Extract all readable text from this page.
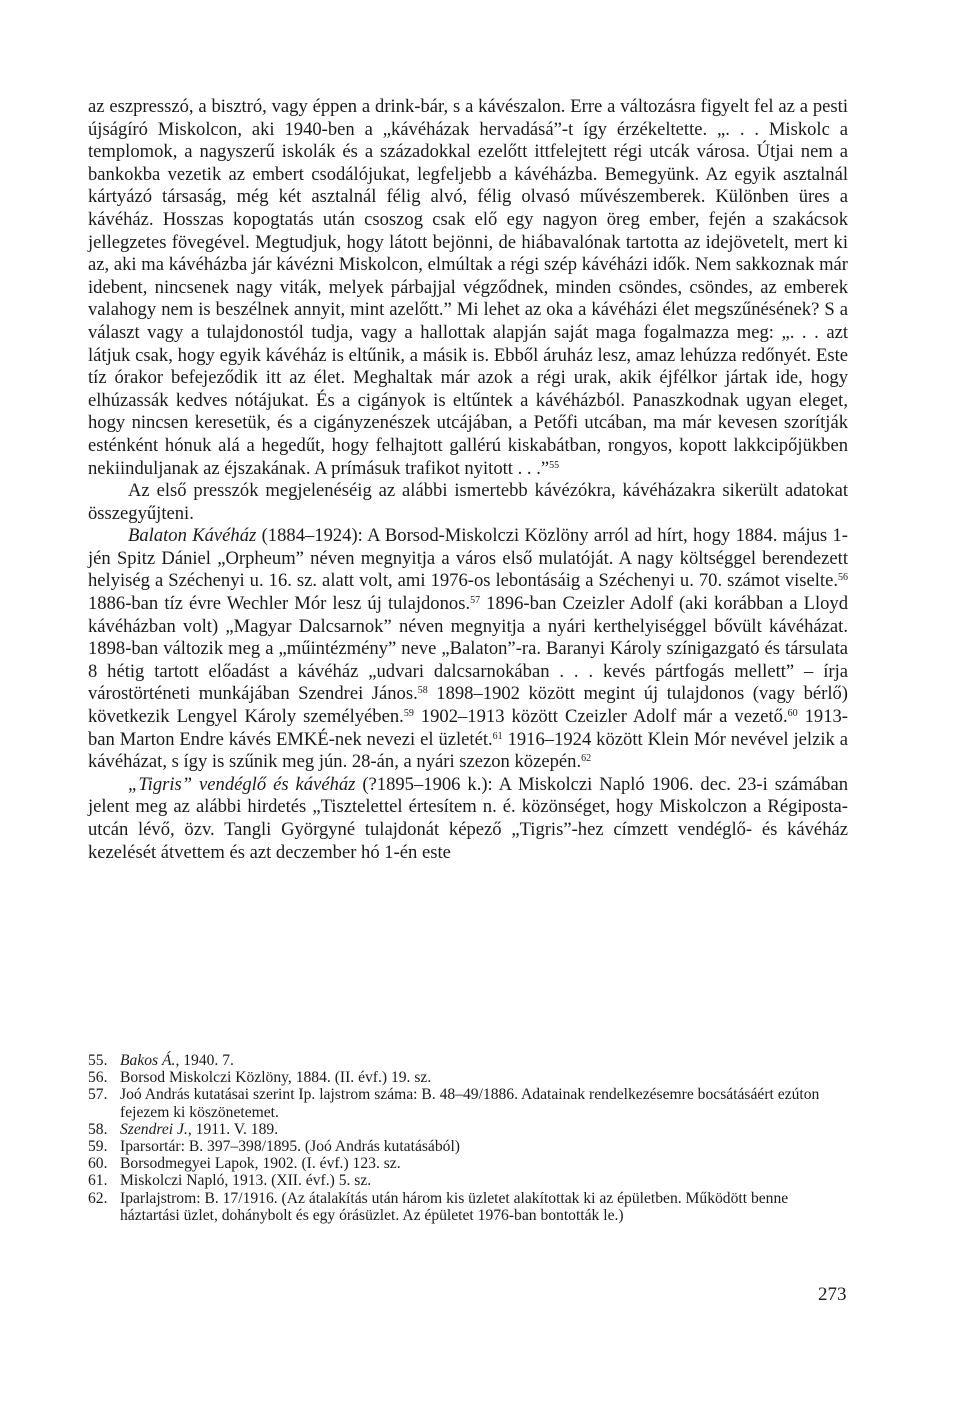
az eszpresszó, a bisztró, vagy éppen a drink-bár, s a kávészalon. Erre a változásra figyelt fel az a pesti újságíró Miskolcon, aki 1940-ben a „kávéházak hervadásá”-t így érzékeltette. „. . . Miskolc a templomok, a nagyszerű iskolák és a századokkal ezelőtt ittfelejtett régi utcák városa. Útjai nem a bankokba vezetik az embert csodálójukat, legfeljebb a kávéházba. Bemegyünk. Az egyik asztalnál kártyázó társaság, még két asztalnál félig alvó, félig olvasó művészemberek. Különben üres a kávéház. Hosszas kopogtatás után csoszog csak elő egy nagyon öreg ember, fején a szakácsok jellegzetes fövegével. Megtudjuk, hogy látott bejönni, de hiábavalónak tartotta az idejövetelt, mert ki az, aki ma kávéházba jár kávézni Miskolcon, elmúltak a régi szép kávéházi idők. Nem sakkoznak már idebent, nincsenek nagy viták, melyek párbajjal végződnek, minden csöndes, csöndes, az emberek valahogy nem is beszélnek annyit, mint azelőtt.” Mi lehet az oka a kávéházi élet megszűnésének? S a választ vagy a tulajdonostól tudja, vagy a hallottak alapján saját maga fogalmazza meg: „. . . azt látjuk csak, hogy egyik kávéház is eltűnik, a másik is. Ebből áruház lesz, amaz lehúzza redőnyét. Este tíz órakor befejeződik itt az élet. Meghaltak már azok a régi urak, akik éjfélkor jártak ide, hogy elhúzassák kedves nótájukat. És a cigányok is eltűntek a kávéházból. Panaszkodnak ugyan eleget, hogy nincsen keresetük, és a cigányzenészek utcájában, a Petőfi utcában, ma már kevesen szorítják esténként hónuk alá a hegedűt, hogy felhajtott gallérú kiskabátban, rongyos, kopott lakkcipőjükben nekiinduljanak az éjszakának. A prímásuk trafikot nyitott . . .”$^{55}$

Az első presszók megjelenéséig az alábbi ismertebb kávézókra, kávéházakra sikerült adatokat összegyűjteni.

Balaton Kávéház (1884–1924): A Borsod-Miskolczi Közlöny arról ad hírt, hogy 1884. május 1-jén Spitz Dániel „Orpheum” néven megnyitja a város első mulatóját. A nagy költséggel berendezett helyiség a Széchenyi u. 16. sz. alatt volt, ami 1976-os lebontásáig a Széchenyi u. 70. számot viselte.$^{56}$ 1886-ban tíz évre Wechler Mór lesz új tulajdonos.$^{57}$ 1896-ban Czeizler Adolf (aki korábban a Lloyd kávéházban volt) „Magyar Dalcsarnok” néven megnyitja a nyári kerthelyiséggel bővült kávéházat. 1898-ban változik meg a „műintézmény” neve „Balaton”-ra. Baranyi Károly színigazgató és társulata 8 hétig tartott előadást a kávéház „udvari dalcsarnokában . . . kevés pártfogás mellett” – írja várostörténeti munkájában Szendrei János.$^{58}$ 1898–1902 között megint új tulajdonos (vagy bérlő) következik Lengyel Károly személyében.$^{59}$ 1902–1913 között Czeizler Adolf már a vezető.$^{60}$ 1913-ban Marton Endre kávés EMKÉ-nek nevezi el üzletét.$^{61}$ 1916–1924 között Klein Mór nevével jelzik a kávéházat, s így is szűnik meg jún. 28-án, a nyári szezon közepén.$^{62}$

„Tigris” vendéglő és kávéház (?1895–1906 k.): A Miskolczi Napló 1906. dec. 23-i számában jelent meg az alábbi hirdetés „Tisztelettel értesítem n. é. közönséget, hogy Miskolczon a Régiposta-utcán lévő, özv. Tangli Györgyné tulajdonát képező „Tigris”-hez címzett vendéglő- és kávéház kezelését átvettem és azt deczember hó 1-én este

55. Bakos Á., 1940. 7.
56. Borsod Miskolczi Közlöny, 1884. (II. évf.) 19. sz.
57. Joó András kutatásai szerint Ip. lajstrom száma: B. 48–49/1886. Adatainak rendelkezésemre bocsátásáért ezúton fejezem ki köszönetemet.
58. Szendrei J., 1911. V. 189.
59. Iparsortár: B. 397–398/1895. (Joó András kutatásából)
60. Borsodmegyei Lapok, 1902. (I. évf.) 123. sz.
61. Miskolczi Napló, 1913. (XII. évf.) 5. sz.
62. Iparlajstrom: B. 17/1916. (Az átalakítás után három kis üzletet alakítottak ki az épületben. Működött benne háztartási üzlet, dohánybolt és egy órásüzlet. Az épületet 1976-ban bontották le.)
273
